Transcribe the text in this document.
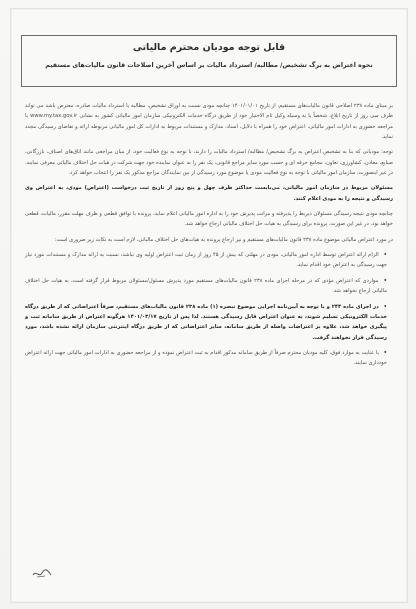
قابل توجه مودیان محترم مالیاتی
نحوه اعتراض به برگ تشخیص/ مطالبه/ استرداد مالیات بر اساس آخرین اصلاحات قانون مالیات‌های مستقیم

بر مبنای ماده ۲۳۸ اصلاحی قانون مالیات‌های مستقیم، از تاریخ ۱۴۰۱/۰۱/۰۱ چنانچه مودی نسبت به اوراق تشخیص، مطالبه یا استرداد مالیات صادره، معترض باشد می تواند ظرف سی روز از تاریخ ابلاغ، شخصاً یا به وسیله وکیل تام الاختیار خود از طریق درگاه خدمات الکترونیکی سازمان امور مالیاتی کشور به نشانی www.my.tax.gov.ir یا مراجعه حضوری به ادارات امور مالیاتی، اعتراض خود را همراه با دلایل، اسناد، مدارک و مستندات مربوط به ادارات کل امور مالیاتی مربوطه ارائه و تقاضای رسیدگی مجدد نماید.

توجه: مودیانی که بنا به تشخیص اعتراض به برگ تشخیص/ مطالبه/ استرداد مالیات را دارند، با توجه به نوع فعالیت خود، از میان مراجعی مانند اتاق‌های اصناف، بازرگانی، صنایع، معادن، کشاورزی، تعاون، مجامع حرفه ای و حسب مورد سایر مراجع قانونی، یک نفر را به عنوان نماینده خود جهت شرکت در هیات حل اختلاف مالیاتی معرفی نمایند. در غیر اینصورت، سازمان امور مالیاتی با توجه به نوع فعالیت مودی یا موضوع مورد رسیدگی از بین نمایندگان مراجع مذکور یک نفر را انتخاب خواهد کرد.

مسئولان مربوط در سازمان امور مالیاتی، می‌بایست حداکثر ظرف چهل و پنج روز از تاریخ ثبت درخواست (اعتراض) مودی، به اعتراض وی رسیدگی و نتیجه را به مودی اعلام کنند.

چنانچه مودی نتیجه رسیدگی مسئولان ذیربط را پذیرفته و مراتب پذیرش خود را به اداره امور مالیاتی اعلام نماید، پرونده با توافق قطعی و ظرف مهلت مقرر، مالیات، قطعی خواهد بود. در غیر این صورت، پرونده برای رسیدگی به هیات حل اختلاف مالیاتی ارجاع خواهد شد.

در مورد اعتراض مالیاتی موضوع ماده ۲۳۸ قانون مالیات‌های مستقیم و نیز ارجاع پرونده به هیات‌های حل اختلاف مالیاتی، لازم است به نکات زیر ضروری است:

• الزام ارائه اعتراض توسط اداره امور مالیاتی، مودی در مهلتی که بیش از ۴۵ روز از زمان ثبت اعتراض اولیه وی نباشد، نسبت به ارائه مدارک و مستندات مورد نیاز جهت رسیدگی به اعتراض خود اقدام نماید.

• مواردی که اعتراض مؤدی که در مرحله اجرای ماده ۲۳۸ قانون مالیات‌های مستقیم مورد پذیرش مسئول/مسئولان مربوط قرار گرفته است، به هیات حل اختلاف مالیاتی ارجاع نخواهد شد.

• در اجرای ماده ۲۴۴ و با توجه به آیین‌نامه اجرایی موضوع تبصره (۱) ماده ۲۳۸ قانون مالیات‌های مستقیم، صرفاً اعتراضاتی که از طریق درگاه خدمات الکترونیکی تسلیم شوند، به عنوان اعتراض قابل رسیدگی هستند. لذا پس از تاریخ ۱۴۰۱/۰۳/۱۷ هرگونه اعتراض از طریق سامانه ثبت و پیگیری خواهد شد، علاوه بر اعتراضات واصله از طریق سامانه، سایر اعتراضاتی که از طریق درگاه اینترنتی سازمان ارائه نشده باشد، مورد رسیدگی قرار نخواهند گرفت.

• با عنایت به موارد فوق، کلیه مودیان محترم صرفاً از طریق سامانه مذکور اقدام به ثبت اعتراض نموده و از مراجعه حضوری به ادارات امور مالیاتی جهت ارائه اعتراض خودداری نمایند.
